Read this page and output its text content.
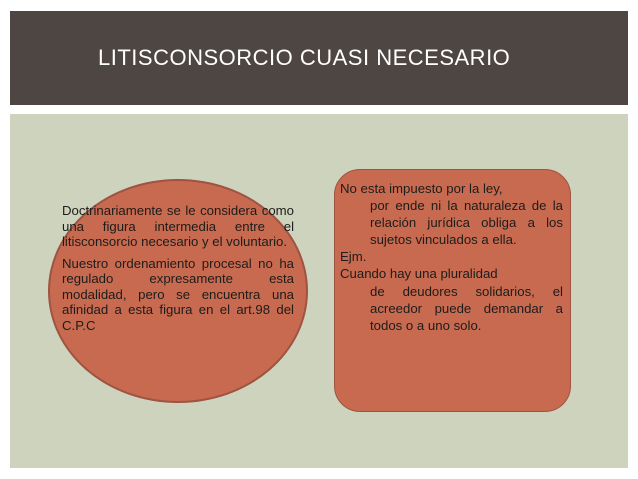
LITISCONSORCIO CUASI NECESARIO

Doctrinariamente se le considera como una figura intermedia entre el litisconsorcio necesario y el voluntario.

Nuestro ordenamiento procesal no ha regulado expresamente esta modalidad, pero se encuentra una afinidad a esta figura en el art.98 del C.P.C

No esta impuesto por la ley,
por ende ni la naturaleza de la relación jurídica obliga a los sujetos vinculados a ella.
Ejm.
Cuando hay una pluralidad
de deudores solidarios, el acreedor puede demandar a todos o a uno solo.
